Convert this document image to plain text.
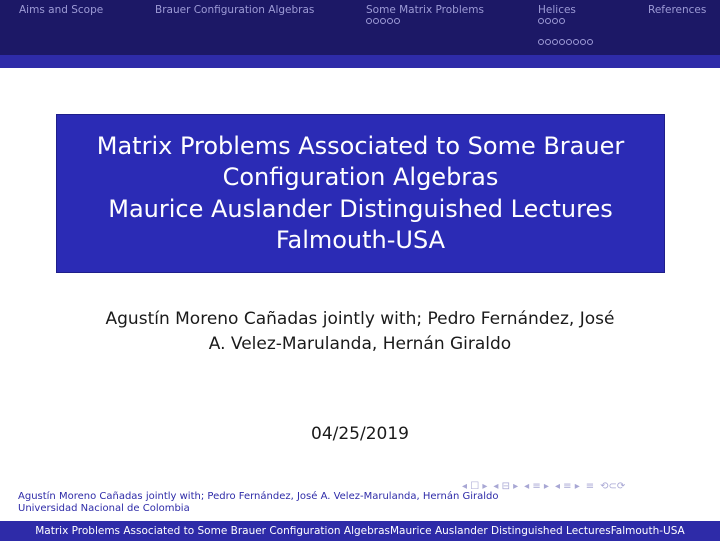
Aims and Scope	Brauer Configuration Algebras	Some Matrix Problems	Helices	References
Matrix Problems Associated to Some Brauer
Configuration Algebras
Maurice Auslander Distinguished Lectures
Falmouth-USA
Agustín Moreno Cañadas jointly with; Pedro Fernández, José
A. Velez-Marulanda, Hernán Giraldo
04/25/2019
◂ ☐ ▸ ◂ ⊟ ▸ ◂ ≡ ▸ ◂ ≡ ▸ ≡ ⟲⊂⟳
Agustín Moreno Cañadas jointly with; Pedro Fernández, José A. Velez-Marulanda, Hernán Giraldo
Universidad Nacional de Colombia
Matrix Problems Associated to Some Brauer Configuration AlgebrasMaurice Auslander Distinguished LecturesFalmouth-USA
